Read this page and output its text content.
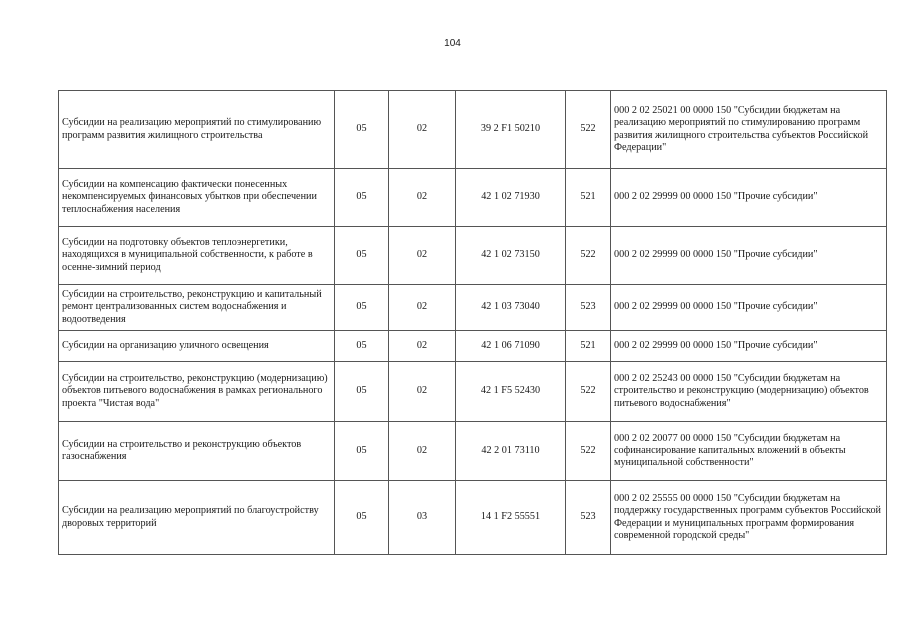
104
Субсидии на реализацию мероприятий по стимулированию программ развития жилищного строительства	05	02	39 2 F1 50210	522	000 2 02 25021 00 0000 150 "Субсидии бюджетам на реализацию мероприятий по стимулированию программ развития жилищного строительства субъектов Российской Федерации"
Субсидии на компенсацию фактически понесенных некомпенсируемых финансовых убытков при обеспечении теплоснабжения населения	05	02	42 1 02 71930	521	000 2 02 29999 00 0000 150 "Прочие субсидии"
Субсидии на подготовку объектов теплоэнергетики, находящихся в муниципальной собственности, к работе в осенне-зимний период	05	02	42 1 02 73150	522	000 2 02 29999 00 0000 150 "Прочие субсидии"
Субсидии на строительство, реконструкцию и капитальный ремонт централизованных систем водоснабжения и водоотведения	05	02	42 1 03 73040	523	000 2 02 29999 00 0000 150 "Прочие субсидии"
Субсидии на организацию уличного освещения	05	02	42 1 06 71090	521	000 2 02 29999 00 0000 150 "Прочие субсидии"
Субсидии на строительство, реконструкцию (модернизацию) объектов питьевого водоснабжения в рамках регионального проекта "Чистая вода"	05	02	42 1 F5 52430	522	000 2 02 25243 00 0000 150 "Субсидии бюджетам на строительство и реконструкцию (модернизацию) объектов питьевого водоснабжения"
Субсидии на строительство и реконструкцию объектов газоснабжения	05	02	42 2 01 73110	522	000 2 02 20077 00 0000 150 "Субсидии бюджетам на софинансирование капитальных вложений в объекты муниципальной собственности"
Субсидии на реализацию мероприятий по благоустройству дворовых территорий	05	03	14 1 F2 55551	523	000 2 02 25555 00 0000 150 "Субсидии бюджетам на поддержку государственных программ субъектов Российской Федерации и муниципальных программ формирования современной городской среды"
